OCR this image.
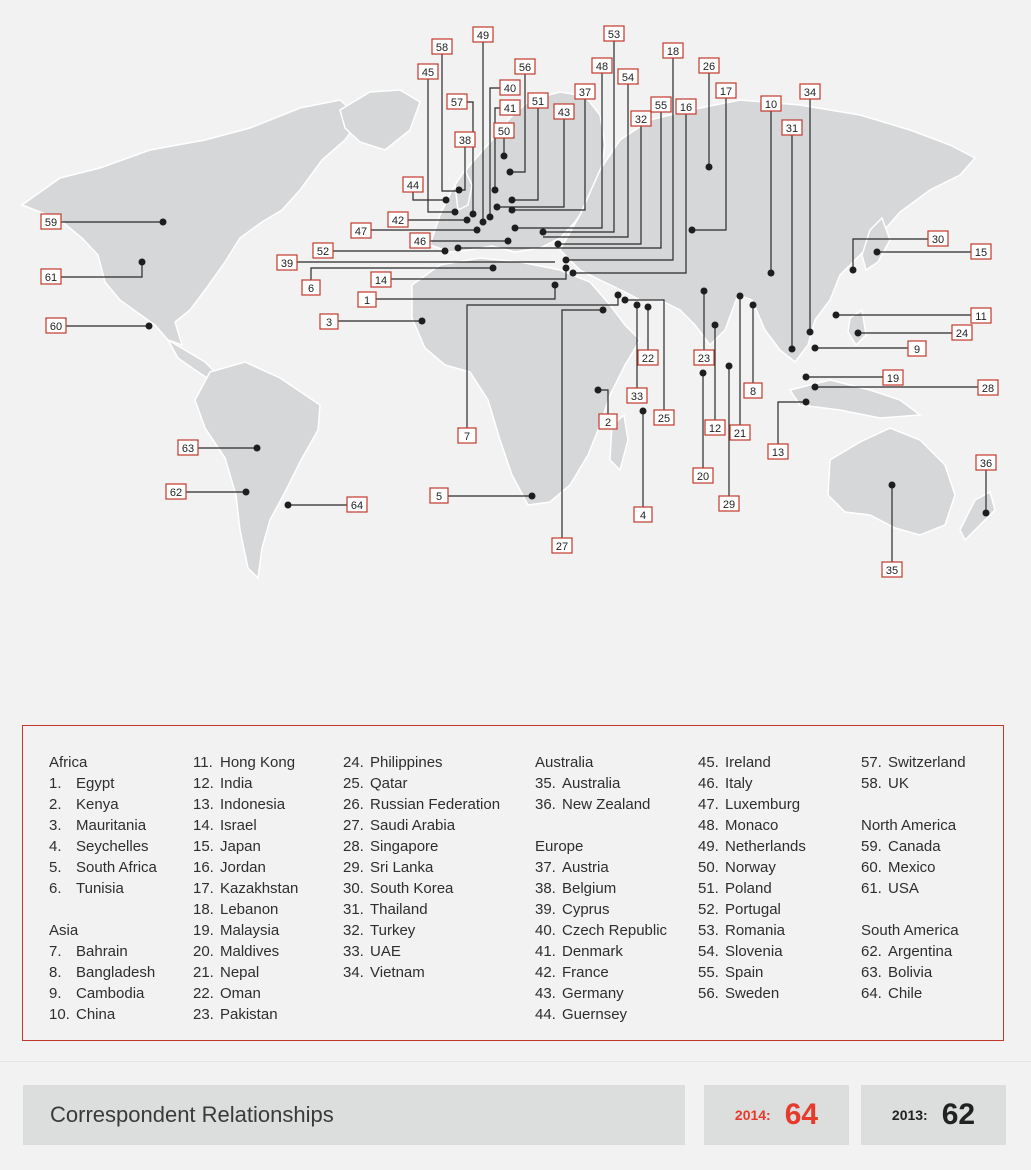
1
2
3
4
5
6
7
8
9
10
11
12
13
14
15
16
17
18
19
20
21
22	23
24
25
26
27
28
29
30
31
32
33
34
35
36
37
38
39
40
41
42
43
44
45
46
47
48
49
50
51
52
53
54
55
56
57
58
59
60
61
62
63
64
Africa
1. Egypt
2. Kenya
3. Mauritania
4. Seychelles
5. South Africa
6. Tunisia
Asia
7. Bahrain
8. Bangladesh
9. Cambodia
10. China
11. Hong Kong
12. India
13. Indonesia
14. Israel
15. Japan
16. Jordan
17. Kazakhstan
18. Lebanon
19. Malaysia
20. Maldives
21. Nepal
22. Oman
23. Pakistan
24. Philippines
25. Qatar
26. Russian Federation
27. Saudi Arabia
28. Singapore
29. Sri Lanka
30. South Korea
31. Thailand
32. Turkey
33. UAE
34. Vietnam
Australia
35. Australia
36. New Zealand
Europe
37. Austria
38. Belgium
39. Cyprus
40. Czech Republic
41. Denmark
42. France
43. Germany
44. Guernsey
45. Ireland
46. Italy
47. Luxemburg
48. Monaco
49. Netherlands
50. Norway
51. Poland
52. Portugal
53. Romania
54. Slovenia
55. Spain
56. Sweden
57. Switzerland
58. UK
North America
59. Canada
60. Mexico
61. USA
South America
62. Argentina
63. Bolivia
64. Chile
Correspondent Relationships	2014: 64	2013: 62
